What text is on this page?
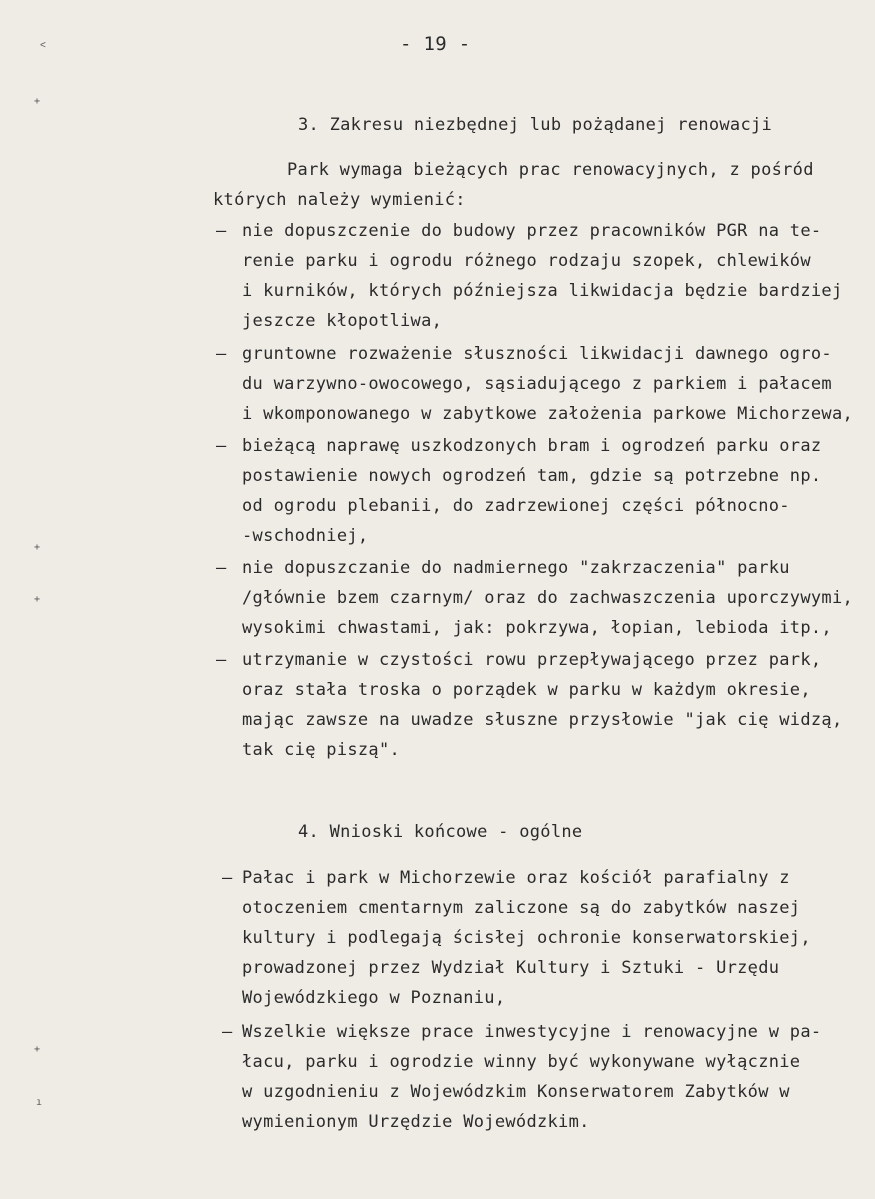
˂
+
+
+
+
ı
- 19 -
3. Zakresu niezbędnej lub pożądanej renowacji
Park wymaga bieżących prac renowacyjnych, z pośród
których należy wymienić:
– nie dopuszczenie do budowy przez pracowników PGR na te-
renie parku i ogrodu różnego rodzaju szopek, chlewików
i kurników, których późniejsza likwidacja będzie bardziej
jeszcze kłopotliwa,
– gruntowne rozważenie słuszności likwidacji dawnego ogro-
du warzywno-owocowego, sąsiadującego z parkiem i pałacem
i wkomponowanego w zabytkowe założenia parkowe Michorzewa,
– bieżącą naprawę uszkodzonych bram i ogrodzeń parku oraz
postawienie nowych ogrodzeń tam, gdzie są potrzebne np.
od ogrodu plebanii, do zadrzewionej części północno-
-wschodniej,
– nie dopuszczanie do nadmiernego "zakrzaczenia" parku
/głównie bzem czarnym/ oraz do zachwaszczenia uporczywymi,
wysokimi chwastami, jak: pokrzywa, łopian, lebioda itp.,
– utrzymanie w czystości rowu przepływającego przez park,
oraz stała troska o porządek w parku w każdym okresie,
mając zawsze na uwadze słuszne przysłowie "jak cię widzą,
tak cię piszą".
4. Wnioski końcowe - ogólne
– Pałac i park w Michorzewie oraz kościół parafialny z
otoczeniem cmentarnym zaliczone są do zabytków naszej
kultury i podlegają ścisłej ochronie konserwatorskiej,
prowadzonej przez Wydział Kultury i Sztuki - Urzędu
Wojewódzkiego w Poznaniu,
– Wszelkie większe prace inwestycyjne i renowacyjne w pa-
łacu, parku i ogrodzie winny być wykonywane wyłącznie
w uzgodnieniu z Wojewódzkim Konserwatorem Zabytków w
wymienionym Urzędzie Wojewódzkim.
